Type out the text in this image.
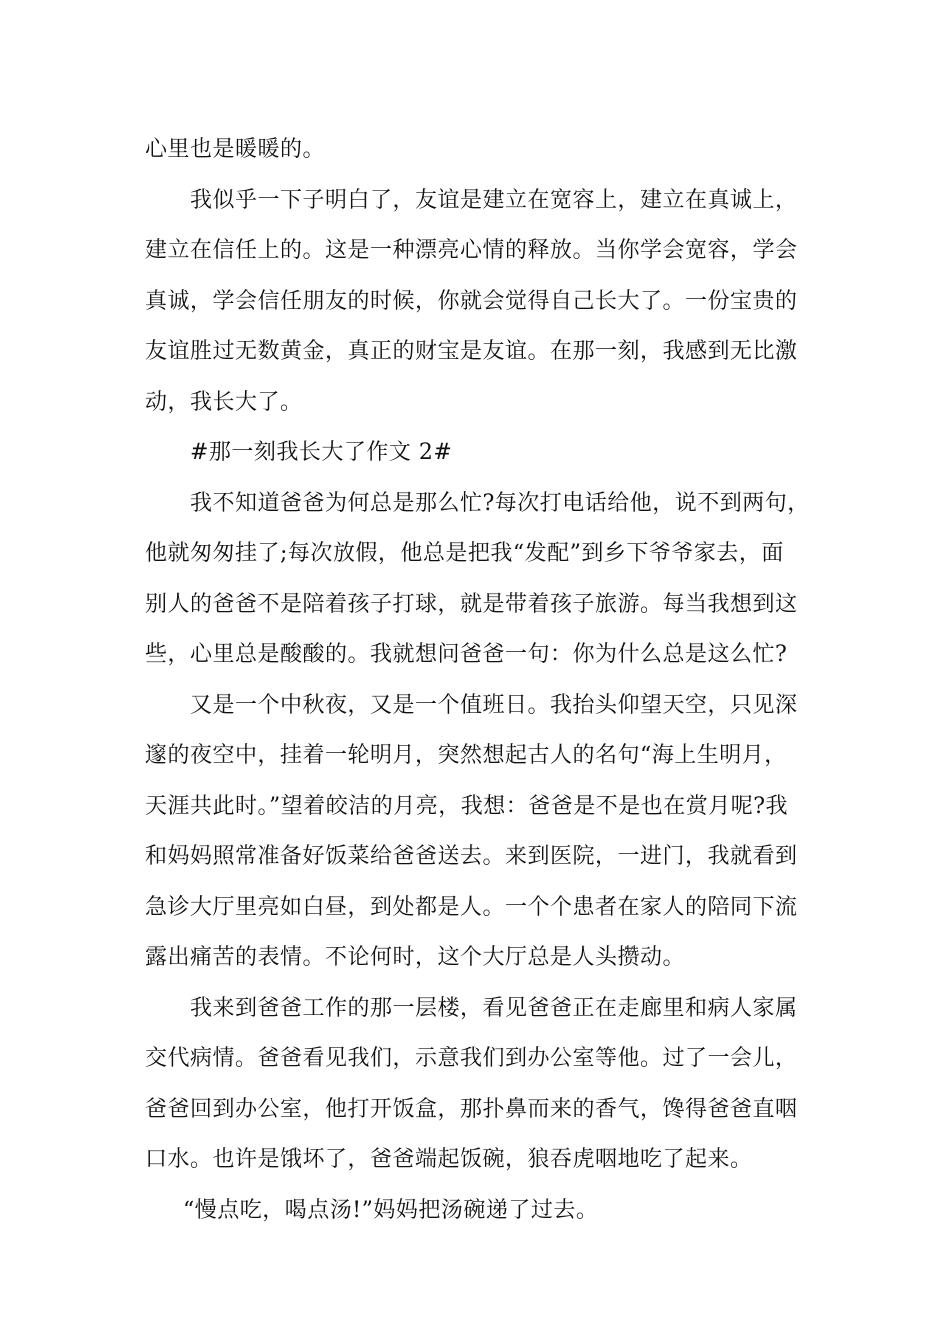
心里也是暖暖的。
我似乎一下子明白了，友谊是建立在宽容上，建立在真诚上，
建立在信任上的。这是一种漂亮心情的释放。当你学会宽容，学会
真诚，学会信任朋友的时候，你就会觉得自己长大了。一份宝贵的
友谊胜过无数黄金，真正的财宝是友谊。在那一刻，我感到无比激
动，我长大了。
#那一刻我长大了作文 2#
我不知道爸爸为何总是那么忙?每次打电话给他，说不到两句，
他就匆匆挂了;每次放假，他总是把我“发配”到乡下爷爷家去，面
别人的爸爸不是陪着孩子打球，就是带着孩子旅游。每当我想到这
些，心里总是酸酸的。我就想问爸爸一句：你为什么总是这么忙?
又是一个中秋夜，又是一个值班日。我抬头仰望天空，只见深
邃的夜空中，挂着一轮明月，突然想起古人的名句“海上生明月，
天涯共此时。”望着皎洁的月亮，我想：爸爸是不是也在赏月呢?我
和妈妈照常准备好饭菜给爸爸送去。来到医院，一进门，我就看到
急诊大厅里亮如白昼，到处都是人。一个个患者在家人的陪同下流
露出痛苦的表情。不论何时，这个大厅总是人头攒动。
我来到爸爸工作的那一层楼，看见爸爸正在走廊里和病人家属
交代病情。爸爸看见我们，示意我们到办公室等他。过了一会儿，
爸爸回到办公室，他打开饭盒，那扑鼻而来的香气，馋得爸爸直咽
口水。也许是饿坏了，爸爸端起饭碗，狼吞虎咽地吃了起来。
“慢点吃，喝点汤!”妈妈把汤碗递了过去。
